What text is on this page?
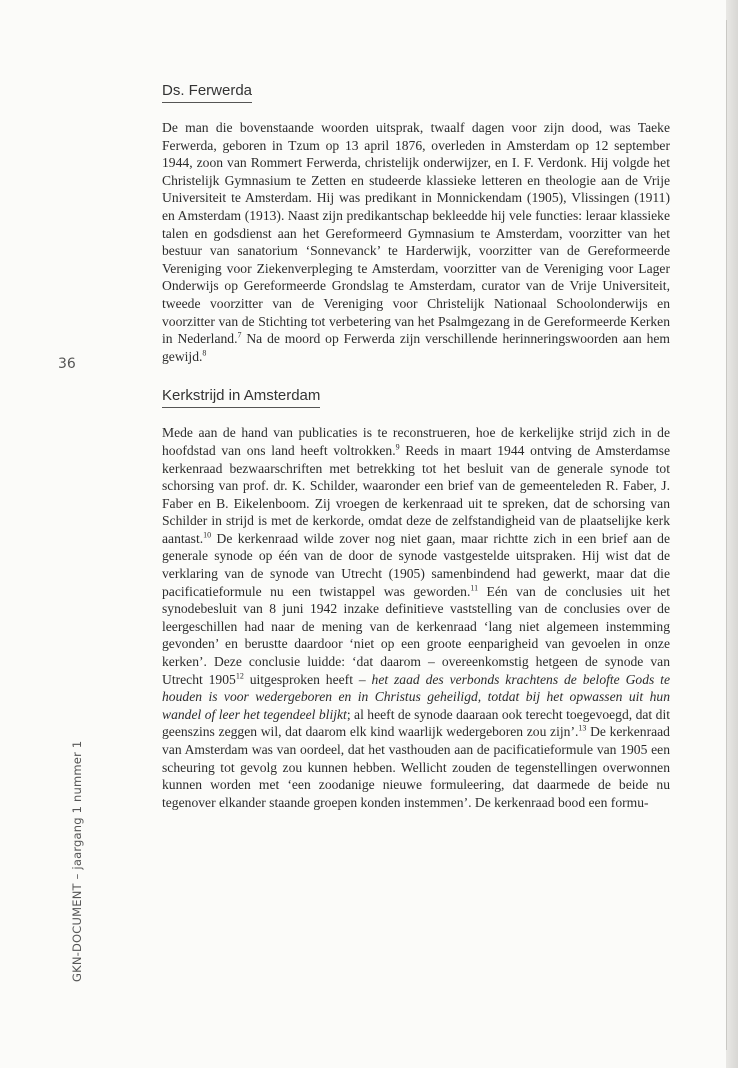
36
GKN-DOCUMENT – jaargang 1 nummer 1
Ds. Ferwerda

De man die bovenstaande woorden uitsprak, twaalf dagen voor zijn dood, was Taeke Ferwerda, geboren in Tzum op 13 april 1876, overleden in Amsterdam op 12 september 1944, zoon van Rommert Ferwerda, christelijk onderwijzer, en I. F. Verdonk. Hij volgde het Christelijk Gymnasium te Zetten en studeerde klassieke letteren en theologie aan de Vrije Universiteit te Amsterdam. Hij was predikant in Monnickendam (1905), Vlissingen (1911) en Amsterdam (1913). Naast zijn predikantschap bekleedde hij vele functies: leraar klassieke talen en godsdienst aan het Gereformeerd Gymnasium te Amsterdam, voorzitter van het bestuur van sanatorium ‘Sonnevanck’ te Harderwijk, voorzitter van de Gereformeerde Vereniging voor Ziekenverpleging te Amsterdam, voorzitter van de Vereniging voor Lager Onderwijs op Gereformeerde Grondslag te Amsterdam, curator van de Vrije Universiteit, tweede voorzitter van de Vereniging voor Christelijk Nationaal Schoolonderwijs en voorzitter van de Stichting tot verbetering van het Psalmgezang in de Gereformeerde Kerken in Nederland.$^7$ Na de moord op Ferwerda zijn verschillende herinneringswoorden aan hem gewijd.$^8$

Kerkstrijd in Amsterdam

Mede aan de hand van publicaties is te reconstrueren, hoe de kerkelijke strijd zich in de hoofdstad van ons land heeft voltrokken.$^9$ Reeds in maart 1944 ontving de Amsterdamse kerkenraad bezwaarschriften met betrekking tot het besluit van de generale synode tot schorsing van prof. dr. K. Schilder, waaronder een brief van de gemeenteleden R. Faber, J. Faber en B. Eikelenboom. Zij vroegen de kerkenraad uit te spreken, dat de schorsing van Schilder in strijd is met de kerkorde, omdat deze de zelfstandigheid van de plaatselijke kerk aantast.$^{10}$ De kerkenraad wilde zover nog niet gaan, maar richtte zich in een brief aan de generale synode op één van de door de synode vastgestelde uitspraken. Hij wist dat de verklaring van de synode van Utrecht (1905) samenbindend had gewerkt, maar dat die pacificatieformule nu een twistappel was geworden.$^{11}$ Eén van de conclusies uit het synodebesluit van 8 juni 1942 inzake definitieve vaststelling van de conclusies over de leergeschillen had naar de mening van de kerkenraad ‘lang niet algemeen instemming gevonden’ en berustte daardoor ‘niet op een groote eenparigheid van gevoelen in onze kerken’. Deze conclusie luidde: ‘dat daarom – overeenkomstig hetgeen de synode van Utrecht 1905$^{12}$ uitgesproken heeft – het zaad des verbonds krachtens de belofte Gods te houden is voor wedergeboren en in Christus geheiligd, totdat bij het opwassen uit hun wandel of leer het tegendeel blijkt; al heeft de synode daaraan ook terecht toegevoegd, dat dit geenszins zeggen wil, dat daarom elk kind waarlijk wedergeboren zou zijn’.$^{13}$ De kerkenraad van Amsterdam was van oordeel, dat het vasthouden aan de pacificatieformule van 1905 een scheuring tot gevolg zou kunnen hebben. Wellicht zouden de tegenstellingen overwonnen kunnen worden met ‘een zoodanige nieuwe formuleering, dat daarmede de beide nu tegenover elkander staande groepen konden instemmen’. De kerkenraad bood een formu-
